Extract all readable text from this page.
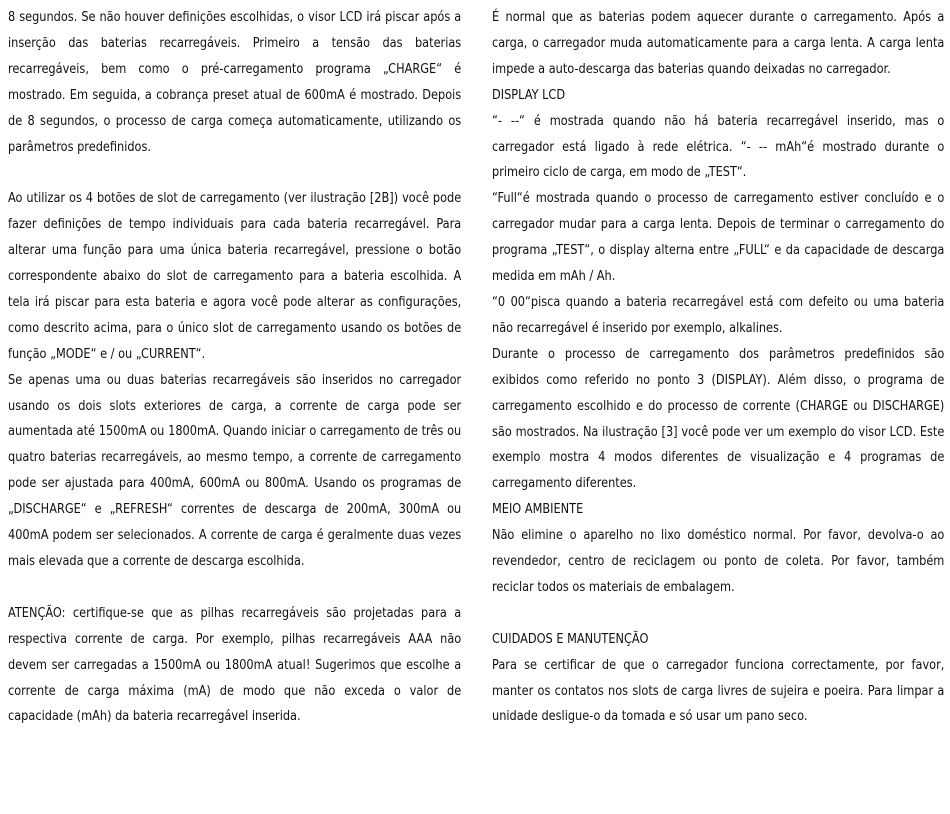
8 segundos. Se não houver definições escolhidas, o visor LCD irá piscar após a inserção das baterias recarregáveis. Primeiro a tensão das baterias recarregáveis, bem como o pré-carregamento programa „CHARGE“ é mostrado. Em seguida, a cobrança preset atual de 600mA é mostrado. Depois de 8 segundos, o processo de carga começa automaticamente, utilizando os parâmetros predefinidos.

Ao utilizar os 4 botões de slot de carregamento (ver ilustração [2B]) você pode fazer definições de tempo individuais para cada bateria recarregável. Para alterar uma função para uma única bateria recarregável, pressione o botão correspondente abaixo do slot de carregamento para a bateria escolhida. A tela irá piscar para esta bateria e agora você pode alterar as configurações, como descrito acima, para o único slot de carregamento usando os botões de função „MODE“ e / ou „CURRENT“.

Se apenas uma ou duas baterias recarregáveis são inseridos no carregador usando os dois slots exteriores de carga, a corrente de carga pode ser aumentada até 1500mA ou 1800mA. Quando iniciar o carregamento de três ou quatro baterias recarregáveis, ao mesmo tempo, a corrente de carregamento pode ser ajustada para 400mA, 600mA ou 800mA. Usando os programas de „DISCHARGE“ e „REFRESH“ correntes de descarga de 200mA, 300mA ou 400mA podem ser selecionados. A corrente de carga é geralmente duas vezes mais elevada que a corrente de descarga escolhida.

ATENÇÃO: certifique-se que as pilhas recarregáveis são projetadas para a respectiva corrente de carga. Por exemplo, pilhas recarregáveis AAA não devem ser carregadas a 1500mA ou 1800mA atual! Sugerimos que escolhe a corrente de carga máxima (mA) de modo que não exceda o valor de capacidade (mAh) da bateria recarregável inserida.

É normal que as baterias podem aquecer durante o carregamento. Após a carga, o carregador muda automaticamente para a carga lenta. A carga lenta impede a auto-descarga das baterias quando deixadas no carregador.

DISPLAY LCD

“- --“ é mostrada quando não há bateria recarregável inserido, mas o carregador está ligado à rede elétrica. “- -- mAh“é mostrado durante o primeiro ciclo de carga, em modo de „TEST“.

“Full“é mostrada quando o processo de carregamento estiver concluído e o carregador mudar para a carga lenta. Depois de terminar o carregamento do programa „TEST“, o display alterna entre „FULL“ e da capacidade de descarga medida em mAh / Ah.

“0 00“pisca quando a bateria recarregável está com defeito ou uma bateria não recarregável é inserido por exemplo, alkalines.

Durante o processo de carregamento dos parâmetros predefinidos são exibidos como referido no ponto 3 (DISPLAY). Além disso, o programa de carregamento escolhido e do processo de corrente (CHARGE ou DISCHARGE) são mostrados. Na ilustração [3] você pode ver um exemplo do visor LCD. Este exemplo mostra 4 modos diferentes de visualização e 4 programas de carregamento diferentes.

MEIO AMBIENTE

Não elimine o aparelho no lixo doméstico normal. Por favor, devolva-o ao revendedor, centro de reciclagem ou ponto de coleta. Por favor, também reciclar todos os materiais de embalagem.

CUIDADOS E MANUTENÇÃO

Para se certificar de que o carregador funciona correctamente, por favor, manter os contatos nos slots de carga livres de sujeira e poeira. Para limpar a unidade desligue-o da tomada e só usar um pano seco.
